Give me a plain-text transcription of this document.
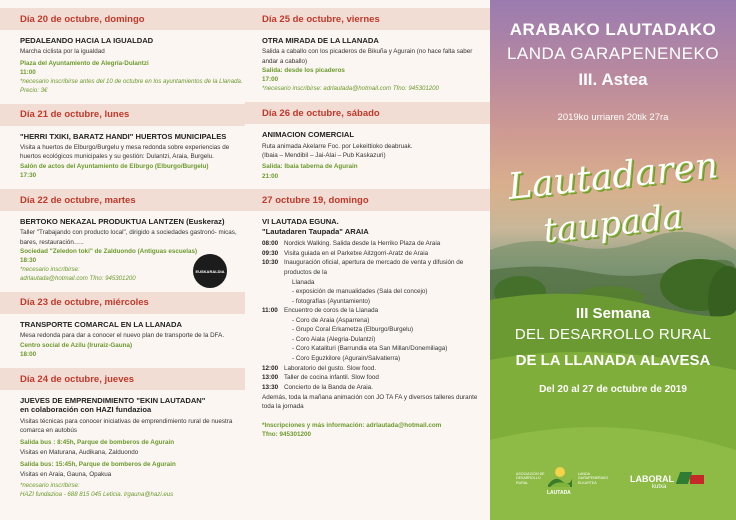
Día 20 de octubre, domingo
PEDALEANDO HACIA LA IGUALDAD
Marcha ciclista por la igualdad
Plaza del Ayuntamiento de Alegría-Dulantzi
11:00
*necesario inscribirse antes del 10 de octubre en los ayuntamientos de la Llanada. Precio: 3€
Día 21 de octubre, lunes
"HERRI TXIKI, BARATZ HANDI" HUERTOS MUNICIPALES
Visita a huertos de Elburgo/Burgelu y mesa redonda sobre experiencias de huertos ecológicos municipales y su gestión: Dulantzi, Araia, Burgelu.
Salón de actos del Ayuntamiento de Elburgo (Elburgo/Burgelu)
17:30
Día 22 de octubre, martes
BERTOKO NEKAZAL PRODUKTUA LANTZEN (Euskeraz)
Taller "Trabajando con producto local", dirigido a sociedades gastronó- micas, bares, restauración…..
Sociedad "Zeledon toki" de Zalduondo (Antiguas escuelas)
18:30
*necesario inscribirse:
adrlautada@hotmail.com Tfno: 945301200
EUSKARALDIA
Día 23 de octubre, miércoles
TRANSPORTE COMARCAL EN LA LLANADA
Mesa redonda para dar a conocer el nuevo plan de transporte de la DFA.
Centro social de Azilu (Iruraiz-Gauna)
18:00
Día 24 de octubre, jueves
JUEVES DE EMPRENDIMIENTO "EKIN LAUTADAN"
en colaboración con HAZI fundazioa
Visitas técnicas para conocer iniciativas de emprendimiento rural de nuestra comarca en autobús
Salida bus : 8:45h, Parque de bomberos de Agurain
Visitas en Maturana, Audikana, Zalduondo
Salida bus: 15:45h, Parque de bomberos de Agurain
Visitas en Araia, Gauna, Opakua
*necesario inscribirse:
HAZI fundazioa - 688 815 045 Leticia. lrgauna@hazi.eus
Día 25 de octubre, viernes
OTRA MIRADA DE LA LLANADA
Salida a caballo con los picaderos de Bikuña y Agurain (no hace falta saber andar a caballo)
Salida: desde los picaderos
17:00
*necesario inscribirse: adrlautada@hotmail.com Tfno: 945301200
Día 26 de octubre, sábado
ANIMACION COMERCIAL
Ruta animada Akelarre Foc. por Lekeittioko deabruak.
(Ibaia – Mendibil – Jai-Alai – Pub Kaskazuri)
Salida: Ibaia taberna de Agurain
21:00
27 octubre 19, domingo
VI LAUTADA EGUNA.
"Lautadaren Taupada" ARAIA
08:00 Nordick Walking. Salida desde la Herriko Plaza de Araia
09:30 Visita guiada en el Parketxe Aitzgorri-Aratz de Araia
10:30 Inauguración oficial, apertura de mercado de venta y difusión de productos de la
Llanada
- exposición de manualidades (Sala del concejo)
- fotografías (Ayuntamiento)
11:00 Encuentro de coros de la Llanada
- Coro de Araia (Asparrena)
- Grupo Coral Erkametza (Elburgo/Burgelu)
- Coro Aiala (Alegria-Dulantzi)
- Coro Katalituri (Barrundia eta San Millan/Donemiliaga)
- Coro Eguzkilore (Agurain/Salvatierra)
12:00 Laboratorio del gusto. Slow food.
13:00 Taller de cocina infantil. Slow food
13:30 Concierto de la Banda de Araia.
Además, toda la mañana animación con JO TA FA y diversos talleres durante toda la jornada
*Inscripciones y más información: adrlautada@hotmail.com
Tfno: 945301200
ARABAKO LAUTADAKO
LANDA GARAPENENEKO
III. Astea
2019ko urriaren 20tik 27ra
Lautadaren
taupada
III Semana
DEL DESARROLLO RURAL
DE LA LLANADA ALAVESA
Del 20 al 27 de octubre de 2019
ASOCIACIÓN DE DESARROLLO RURAL
LAUTADA
LANDA GARAPENERAKO ELKARTEA	LABORAL
kutxa
